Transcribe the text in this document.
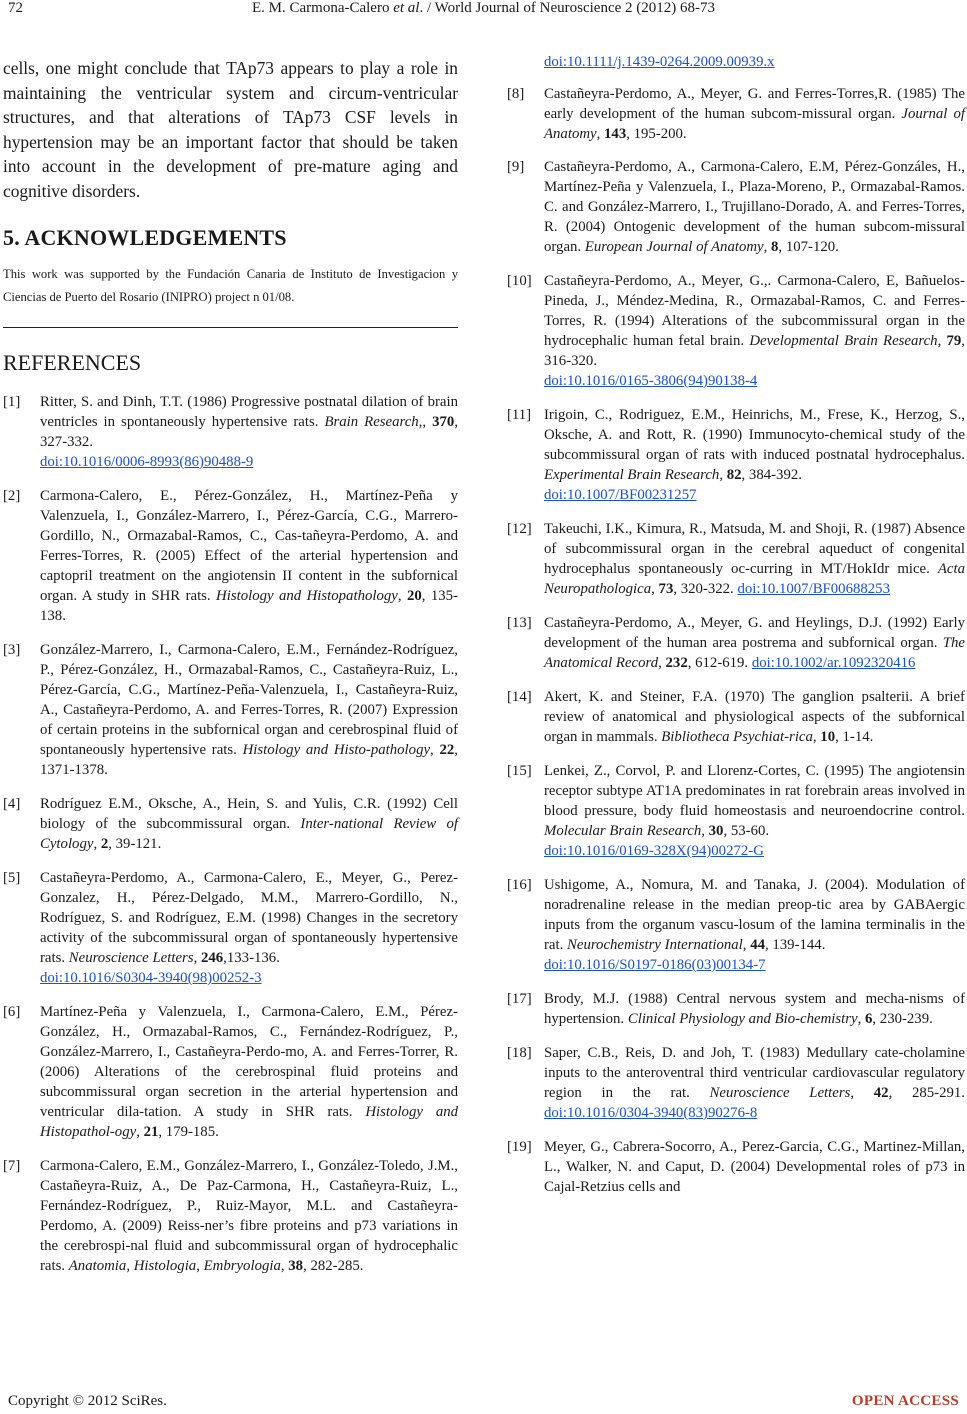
72	E. M. Carmona-Calero et al. / World Journal of Neuroscience 2 (2012) 68-73

cells, one might conclude that TAp73 appears to play a role in maintaining the ventricular system and circum-ventricular structures, and that alterations of TAp73 CSF levels in hypertension may be an important factor that should be taken into account in the development of pre-mature aging and cognitive disorders.

5. ACKNOWLEDGEMENTS

This work was supported by the Fundación Canaria de Instituto de Investigacion y Ciencias de Puerto del Rosario (INIPRO) project n 01/08.

REFERENCES
[1] Ritter, S. and Dinh, T.T. (1986) Progressive postnatal dilation of brain ventricles in spontaneously hypertensive rats. Brain Research,, 370, 327-332.
doi:10.1016/0006-8993(86)90488-9
[2] Carmona-Calero, E., Pérez-González, H., Martínez-Peña y Valenzuela, I., González-Marrero, I., Pérez-García, C.G., Marrero-Gordillo, N., Ormazabal-Ramos, C., Cas-tañeyra-Perdomo, A. and Ferres-Torres, R. (2005) Effect of the arterial hypertension and captopril treatment on the angiotensin II content in the subfornical organ. A study in SHR rats. Histology and Histopathology, 20, 135-138.
[3] González-Marrero, I., Carmona-Calero, E.M., Fernández-Rodríguez, P., Pérez-González, H., Ormazabal-Ramos, C., Castañeyra-Ruiz, L., Pérez-García, C.G., Martínez-Peña-Valenzuela, I., Castañeyra-Ruiz, A., Castañeyra-Perdomo, A. and Ferres-Torres, R. (2007) Expression of certain proteins in the subfornical organ and cerebrospinal fluid of spontaneously hypertensive rats. Histology and Histo-pathology, 22, 1371-1378.
[4] Rodríguez E.M., Oksche, A., Hein, S. and Yulis, C.R. (1992) Cell biology of the subcommissural organ. Inter-national Review of Cytology, 2, 39-121.
[5] Castañeyra-Perdomo, A., Carmona-Calero, E., Meyer, G., Perez-Gonzalez, H., Pérez-Delgado, M.M., Marrero-Gordillo, N., Rodríguez, S. and Rodríguez, E.M. (1998) Changes in the secretory activity of the subcommissural organ of spontaneously hypertensive rats. Neuroscience Letters, 246,133-136.
doi:10.1016/S0304-3940(98)00252-3
[6] Martínez-Peña y Valenzuela, I., Carmona-Calero, E.M., Pérez-González, H., Ormazabal-Ramos, C., Fernández-Rodríguez, P., González-Marrero, I., Castañeyra-Perdo-mo, A. and Ferres-Torrer, R. (2006) Alterations of the cerebrospinal fluid proteins and subcommissural organ secretion in the arterial hypertension and ventricular dila-tation. A study in SHR rats. Histology and Histopathol-ogy, 21, 179-185.
[7] Carmona-Calero, E.M., González-Marrero, I., González-Toledo, J.M., Castañeyra-Ruiz, A., De Paz-Carmona, H., Castañeyra-Ruiz, L., Fernández-Rodríguez, P., Ruiz-Mayor, M.L. and Castañeyra-Perdomo, A. (2009) Reiss-ner’s fibre proteins and p73 variations in the cerebrospi-nal fluid and subcommissural organ of hydrocephalic rats. Anatomia, Histologia, Embryologia, 38, 282-285.
doi:10.1111/j.1439-0264.2009.00939.x
[8] Castañeyra-Perdomo, A., Meyer, G. and Ferres-Torres,R. (1985) The early development of the human subcom-missural organ. Journal of Anatomy, 143, 195-200.
[9] Castañeyra-Perdomo, A., Carmona-Calero, E.M, Pérez-Gonzáles, H., Martínez-Peña y Valenzuela, I., Plaza-Moreno, P., Ormazabal-Ramos. C. and González-Marrero, I., Trujillano-Dorado, A. and Ferres-Torres, R. (2004) Ontogenic development of the human subcom-missural organ. European Journal of Anatomy, 8, 107-120.
[10] Castañeyra-Perdomo, A., Meyer, G.,. Carmona-Calero, E, Bañuelos-Pineda, J., Méndez-Medina, R., Ormazabal-Ramos, C. and Ferres-Torres, R. (1994) Alterations of the subcommissural organ in the hydrocephalic human fetal brain. Developmental Brain Research, 79, 316-320.
doi:10.1016/0165-3806(94)90138-4
[11] Irigoin, C., Rodriguez, E.M., Heinrichs, M., Frese, K., Herzog, S., Oksche, A. and Rott, R. (1990) Immunocyto-chemical study of the subcommissural organ of rats with induced postnatal hydrocephalus. Experimental Brain Research, 82, 384-392.
doi:10.1007/BF00231257
[12] Takeuchi, I.K., Kimura, R., Matsuda, M. and Shoji, R. (1987) Absence of subcommissural organ in the cerebral aqueduct of congenital hydrocephalus spontaneously oc-curring in MT/HokIdr mice. Acta Neuropathologica, 73, 320-322. doi:10.1007/BF00688253
[13] Castañeyra-Perdomo, A., Meyer, G. and Heylings, D.J. (1992) Early development of the human area postrema and subfornical organ. The Anatomical Record, 232, 612-619. doi:10.1002/ar.1092320416
[14] Akert, K. and Steiner, F.A. (1970) The ganglion psalterii. A brief review of anatomical and physiological aspects of the subfornical organ in mammals. Bibliotheca Psychiat-rica, 10, 1-14.
[15] Lenkei, Z., Corvol, P. and Llorenz-Cortes, C. (1995) The angiotensin receptor subtype AT1A predominates in rat forebrain areas involved in blood pressure, body fluid homeostasis and neuroendocrine control. Molecular Brain Research, 30, 53-60.
doi:10.1016/0169-328X(94)00272-G
[16] Ushigome, A., Nomura, M. and Tanaka, J. (2004). Modulation of noradrenaline release in the median preop-tic area by GABAergic inputs from the organum vascu-losum of the lamina terminalis in the rat. Neurochemistry International, 44, 139-144.
doi:10.1016/S0197-0186(03)00134-7
[17] Brody, M.J. (1988) Central nervous system and mecha-nisms of hypertension. Clinical Physiology and Bio-chemistry, 6, 230-239.
[18] Saper, C.B., Reis, D. and Joh, T. (1983) Medullary cate-cholamine inputs to the anteroventral third ventricular cardiovascular regulatory region in the rat. Neuroscience Letters, 42, 285-291. doi:10.1016/0304-3940(83)90276-8
[19] Meyer, G., Cabrera-Socorro, A., Perez-Garcia, C.G., Martinez-Millan, L., Walker, N. and Caput, D. (2004) Developmental roles of p73 in Cajal-Retzius cells and
Copyright © 2012 SciRes.	OPEN ACCESS
